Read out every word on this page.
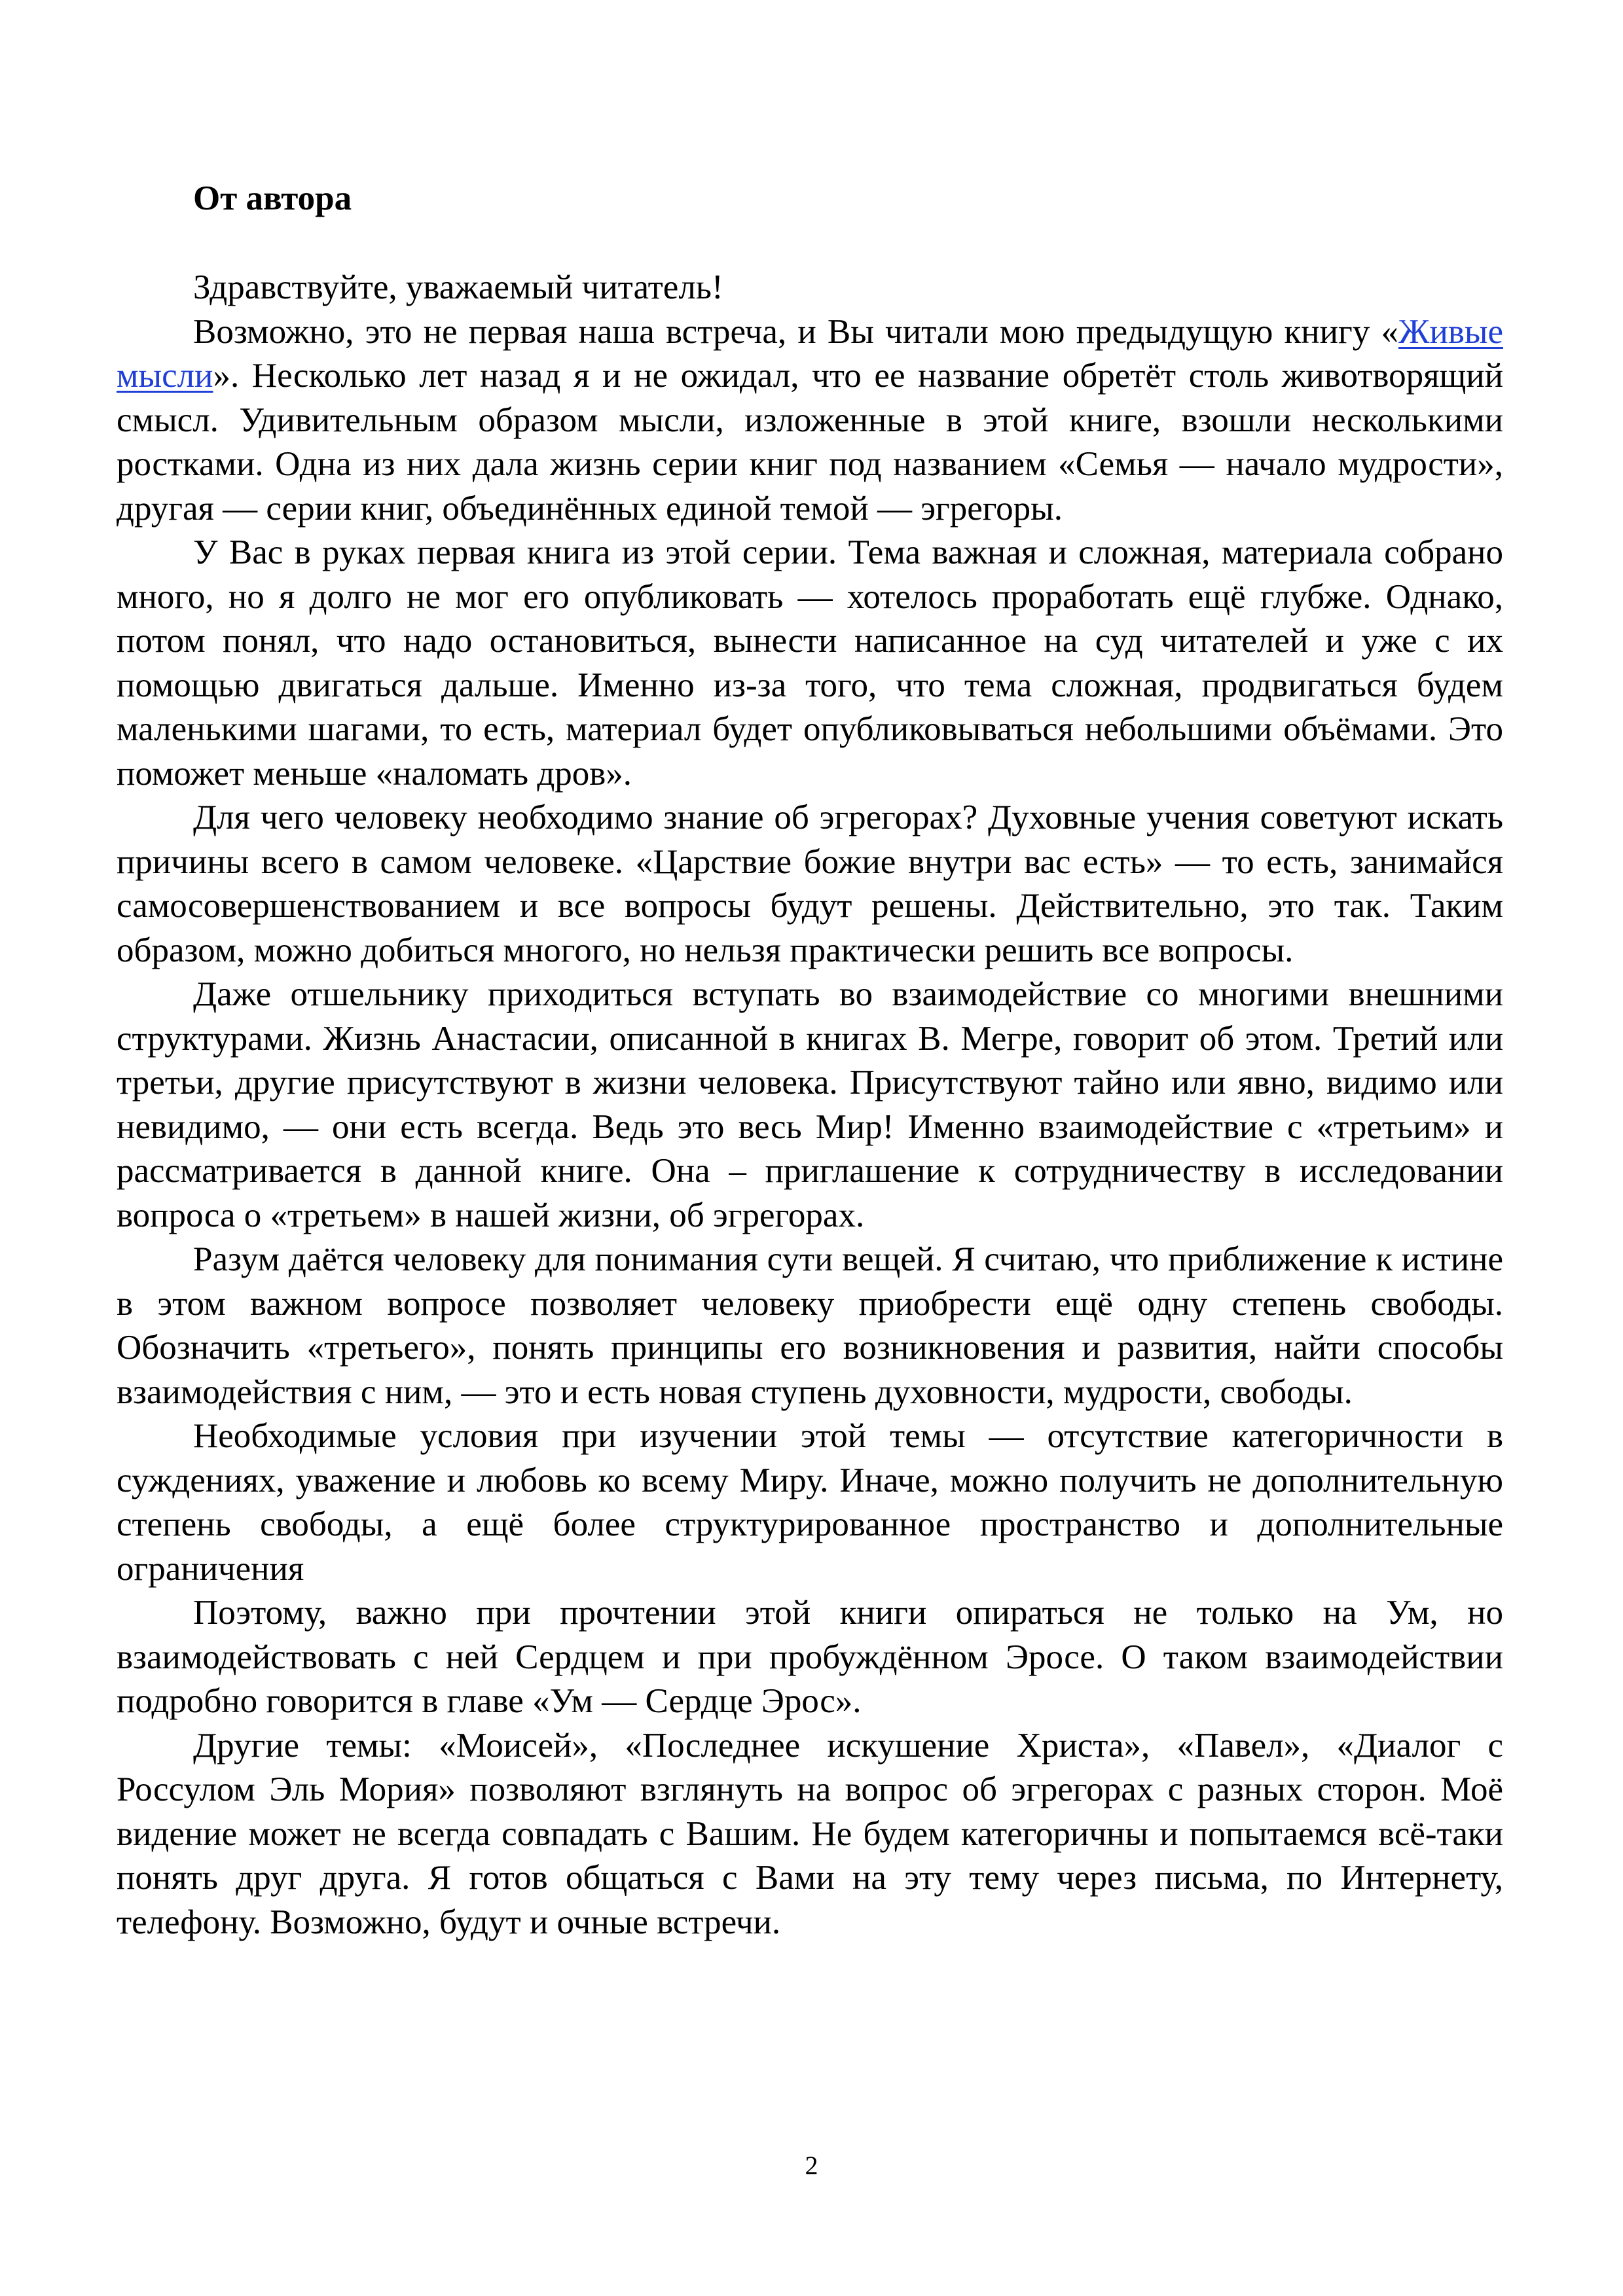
От автора

Здравствуйте, уважаемый читатель!

Возможно, это не первая наша встреча, и Вы читали мою предыдущую книгу «Живые мысли». Несколько лет назад я и не ожидал, что ее название обретёт столь животворящий смысл. Удивительным образом мысли, изложенные в этой книге, взошли несколькими ростками. Одна из них дала жизнь серии книг под названием «Семья — начало мудрости», другая — серии книг, объединённых единой темой — эгрегоры.

У Вас в руках первая книга из этой серии. Тема важная и сложная, материала собрано много, но я долго не мог его опубликовать — хотелось проработать ещё глубже. Однако, потом понял, что надо остановиться, вынести написанное на суд читателей и уже с их помощью двигаться дальше. Именно из-за того, что тема сложная, продвигаться будем маленькими шагами, то есть, материал будет опубликовываться небольшими объёмами. Это поможет меньше «наломать дров».

Для чего человеку необходимо знание об эгрегорах? Духовные учения советуют искать причины всего в самом человеке. «Царствие божие внутри вас есть» — то есть, занимайся самосовершенствованием и все вопросы будут решены. Действительно, это так. Таким образом, можно добиться многого, но нельзя практически решить все вопросы.

Даже отшельнику приходиться вступать во взаимодействие со многими внешними структурами. Жизнь Анастасии, описанной в книгах В. Мегре, говорит об этом. Третий или третьи, другие присутствуют в жизни человека. Присутствуют тайно или явно, видимо или невидимо, — они есть всегда. Ведь это весь Мир! Именно взаимодействие с «третьим» и рассматривается в данной книге. Она – приглашение к сотрудничеству в исследовании вопроса о «третьем» в нашей жизни, об эгрегорах.

Разум даётся человеку для понимания сути вещей. Я считаю, что приближение к истине в этом важном вопросе позволяет человеку приобрести ещё одну степень свободы. Обозначить «третьего», понять принципы его возникновения и развития, найти способы взаимодействия с ним, — это и есть новая ступень духовности, мудрости, свободы.

Необходимые условия при изучении этой темы — отсутствие категоричности в суждениях, уважение и любовь ко всему Миру. Иначе, можно получить не дополнительную степень свободы, а ещё более структурированное пространство и дополнительные ограничения

Поэтому, важно при прочтении этой книги опираться не только на Ум, но взаимодействовать с ней Сердцем и при пробуждённом Эросе. О таком взаимодействии подробно говорится в главе «Ум — Сердце Эрос».

Другие темы: «Моисей», «Последнее искушение Христа», «Павел», «Диалог с Россулом Эль Мория» позволяют взглянуть на вопрос об эгрегорах с разных сторон. Моё видение может не всегда совпадать с Вашим. Не будем категоричны и попытаемся всё-таки понять друг друга. Я готов общаться с Вами на эту тему через письма, по Интернету, телефону. Возможно, будут и очные встречи.

2
